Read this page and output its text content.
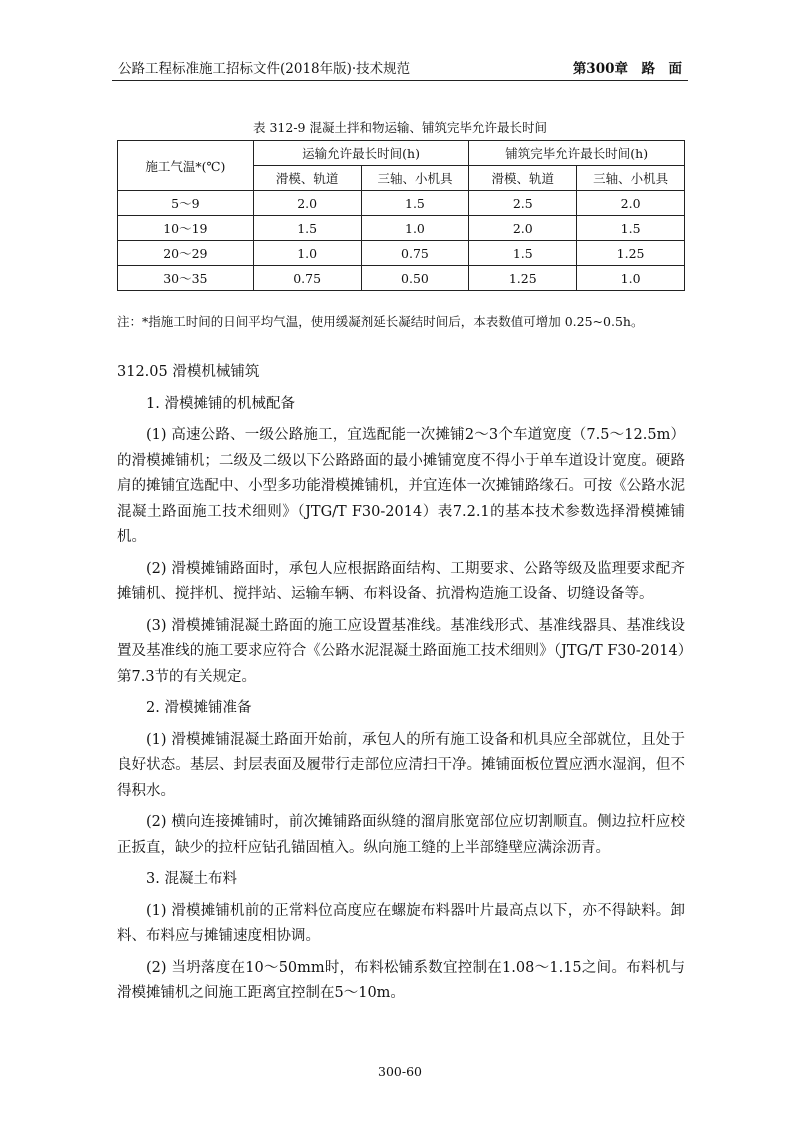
公路工程标准施工招标文件(2018年版)·技术规范	第300章　路　面
表 312-9 混凝土拌和物运输、铺筑完毕允许最长时间
施工气温*(℃)	运输允许最长时间(h)		铺筑完毕允许最长时间(h)	
	滑模、轨道	三轴、小机具	滑模、轨道	三轴、小机具
5～9	2.0	1.5	2.5	2.0
10～19	1.5	1.0	2.0	1.5
20～29	1.0	0.75	1.5	1.25
30～35	0.75	0.50	1.25	1.0
注：*指施工时间的日间平均气温，使用缓凝剂延长凝结时间后，本表数值可增加 0.25~0.5h。

312.05 滑模机械铺筑

1. 滑模摊铺的机械配备

(1) 高速公路、一级公路施工，宜选配能一次摊铺2～3个车道宽度（7.5～12.5m）的滑模摊铺机；二级及二级以下公路路面的最小摊铺宽度不得小于单车道设计宽度。硬路肩的摊铺宜选配中、小型多功能滑模摊铺机，并宜连体一次摊铺路缘石。可按《公路水泥混凝土路面施工技术细则》（JTG/T F30-2014）表7.2.1的基本技术参数选择滑模摊铺机。

(2) 滑模摊铺路面时，承包人应根据路面结构、工期要求、公路等级及监理要求配齐摊铺机、搅拌机、搅拌站、运输车辆、布料设备、抗滑构造施工设备、切缝设备等。

(3) 滑模摊铺混凝土路面的施工应设置基准线。基准线形式、基准线器具、基准线设置及基准线的施工要求应符合《公路水泥混凝土路面施工技术细则》（JTG/T F30-2014）第7.3节的有关规定。

2. 滑模摊铺准备

(1) 滑模摊铺混凝土路面开始前，承包人的所有施工设备和机具应全部就位，且处于良好状态。基层、封层表面及履带行走部位应清扫干净。摊铺面板位置应洒水湿润，但不得积水。

(2) 横向连接摊铺时，前次摊铺路面纵缝的溜肩胀宽部位应切割顺直。侧边拉杆应校正扳直，缺少的拉杆应钻孔锚固植入。纵向施工缝的上半部缝壁应满涂沥青。

3. 混凝土布料

(1) 滑模摊铺机前的正常料位高度应在螺旋布料器叶片最高点以下，亦不得缺料。卸料、布料应与摊铺速度相协调。

(2) 当坍落度在10～50mm时，布料松铺系数宜控制在1.08～1.15之间。布料机与滑模摊铺机之间施工距离宜控制在5～10m。

300-60
